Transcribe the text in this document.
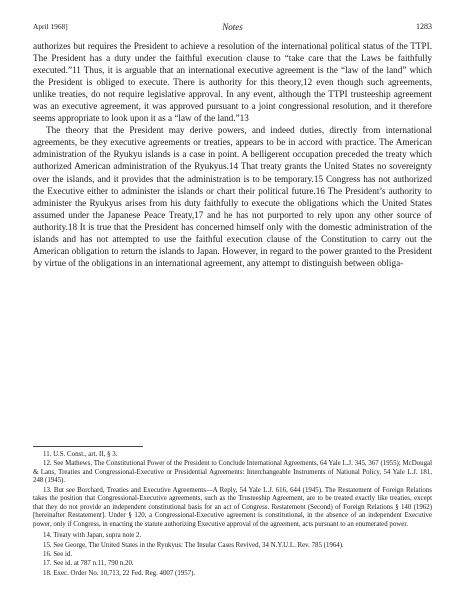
April 1968]	Notes	1283

authorizes but requires the President to achieve a resolution of the international political status of the TTPI. The President has a duty under the faithful execution clause to “take care that the Laws be faithfully executed.”11 Thus, it is arguable that an international executive agreement is the “law of the land” which the President is obliged to execute. There is authority for this theory,12 even though such agreements, unlike treaties, do not require legislative approval. In any event, although the TTPI trusteeship agreement was an executive agreement, it was approved pursuant to a joint congressional resolution, and it therefore seems appropriate to look upon it as a “law of the land.”13

The theory that the President may derive powers, and indeed duties, directly from international agreements, be they executive agreements or treaties, appears to be in accord with practice. The American administration of the Ryukyu islands is a case in point. A belligerent occupation preceded the treaty which authorized American administration of the Ryukyus.14 That treaty grants the United States no sovereignty over the islands, and it provides that the administration is to be temporary.15 Congress has not authorized the Executive either to administer the islands or chart their political future.16 The President’s authority to administer the Ryukyus arises from his duty faithfully to execute the obligations which the United States assumed under the Japanese Peace Treaty,17 and he has not purported to rely upon any other source of authority.18 It is true that the President has concerned himself only with the domestic administration of the islands and has not attempted to use the faithful execution clause of the Constitution to carry out the American obligation to return the islands to Japan. However, in regard to the power granted to the President by virtue of the obligations in an international agreement, any attempt to distinguish between obliga-

11. U.S. Const., art. II, § 3.

12. See Mathews, The Constitutional Power of the President to Conclude International Agreements, 64 Yale L.J. 345, 367 (1955); McDougal & Lans, Treaties and Congressional-Executive or Presidential Agreements: Interchangeable Instruments of National Policy, 54 Yale L.J. 181, 248 (1945).

13. But see Borchard, Treaties and Executive Agreements—A Reply, 54 Yale L.J. 616, 644 (1945). The Restatement of Foreign Relations takes the position that Congressional-Executive agreements, such as the Trusteeship Agreement, are to be treated exactly like treaties, except that they do not provide an independent constitutional basis for an act of Congress. Restatement (Second) of Foreign Relations § 140 (1962) [hereinafter Restatement]. Under § 120, a Congressional-Executive agreement is constitutional, in the absence of an independent Executive power, only if Congress, in enacting the statute authorizing Executive approval of the agreement, acts pursuant to an enumerated power.

14. Treaty with Japan, supra note 2.

15. See George, The United States in the Ryukyus: The Insular Cases Revived, 34 N.Y.U.L. Rev. 785 (1964).

16. See id.

17. See id. at 787 n.11, 790 n.20.

18. Exec. Order No. 10,713, 22 Fed. Reg. 4007 (1957).
